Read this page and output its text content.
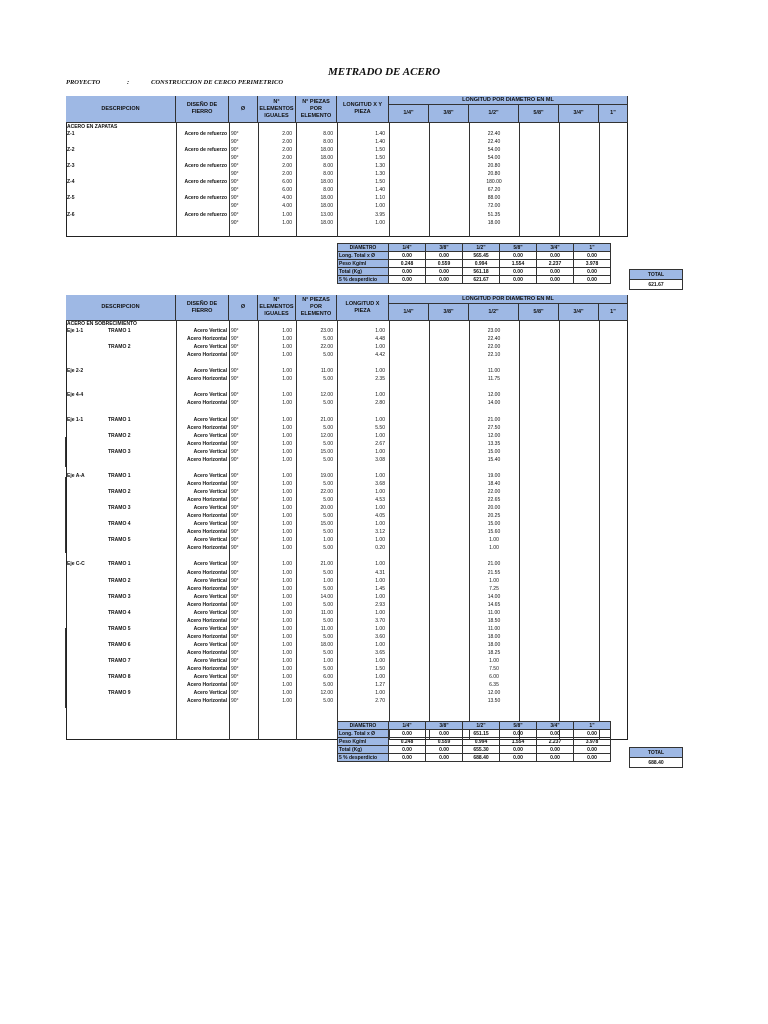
METRADO DE ACERO
PROYECTO	:	CONSTRUCCION DE CERCO PERIMETRICO
DESCRIPCION
DISEÑO DE
FIERRO
Ø
N°
ELEMENTOS
IGUALES
N° PIEZAS
POR
ELEMENTO
LONGITUD X Y
PIEZA
LONGITUD POR DIAMETRO EN ML
1/4"	3/8"	1/2"	5/8"	3/4"	1"
ACERO EN ZAPATAS
Z-1	Acero de refuerzo 90°	2.00	8.00	1.40	22.40
90°	2.00	8.00	1.40	22.40
Z-2	Acero de refuerzo 90°	2.00	18.00	1.50	54.00
90°	2.00	18.00	1.50	54.00
Z-3	Acero de refuerzo 90°	2.00	8.00	1.30	20.80
90°	2.00	8.00	1.30	20.80
Z-4	Acero de refuerzo 90°	6.00	18.00	1.50	180.00
90°	6.00	8.00	1.40	67.20
Z-5	Acero de refuerzo 90°	4.00	18.00	1.10	88.00
90°	4.00	18.00	1.00	72.00
Z-6	Acero de refuerzo 90°	1.00	13.00	3.95	51.35
90°	1.00	18.00	1.00	18.00
DESCRIPCION
DISEÑO DE
FIERRO
Ø
N°
ELEMENTOS
IGUALES
N° PIEZAS
POR
ELEMENTO
LONGITUD X
PIEZA
LONGITUD POR DIAMETRO EN ML
1/4"	3/8"	1/2"	5/8"	3/4"	1"
ACERO EN SOBRECIMIENTO
Eje 1-1	TRAMO 1	Acero Vertical 90°	1.00	23.00	1.00	23.00
Acero Horizontal 90°	1.00	5.00	4.48	22.40
TRAMO 2	Acero Vertical 90°	1.00	22.00	1.00	22.00
Acero Horizontal 90°	1.00	5.00	4.42	22.10
Eje 2-2	Acero Vertical 90°	1.00	11.00	1.00	11.00
Acero Horizontal 90°	1.00	5.00	2.35	11.75
Eje 4-4	Acero Vertical 90°	1.00	12.00	1.00	12.00
Acero Horizontal 90°	1.00	5.00	2.80	14.00
Eje 1-1	TRAMO 1	Acero Vertical 90°	1.00	21.00	1.00	21.00
Acero Horizontal 90°	1.00	5.00	5.50	27.50
TRAMO 2	Acero Vertical 90°	1.00	12.00	1.00	12.00
Acero Horizontal 90°	1.00	5.00	2.67	13.35
TRAMO 3	Acero Vertical 90°	1.00	15.00	1.00	15.00
Acero Horizontal 90°	1.00	5.00	3.08	15.40
Eje A-A	TRAMO 1	Acero Vertical 90°	1.00	19.00	1.00	19.00
Acero Horizontal 90°	1.00	5.00	3.68	18.40
TRAMO 2	Acero Vertical 90°	1.00	22.00	1.00	22.00
Acero Horizontal 90°	1.00	5.00	4.53	22.65
TRAMO 3	Acero Vertical 90°	1.00	20.00	1.00	20.00
Acero Horizontal 90°	1.00	5.00	4.05	20.25
TRAMO 4	Acero Vertical 90°	1.00	15.00	1.00	15.00
Acero Horizontal 90°	1.00	5.00	3.12	15.60
TRAMO 5	Acero Vertical 90°	1.00	1.00	1.00	1.00
Acero Horizontal 90°	1.00	5.00	0.20	1.00
Eje C-C	TRAMO 1	Acero Vertical 90°	1.00	21.00	1.00	21.00
Acero Horizontal 90°	1.00	5.00	4.31	21.55
TRAMO 2	Acero Vertical 90°	1.00	1.00	1.00	1.00
Acero Horizontal 90°	1.00	5.00	1.45	7.25
TRAMO 3	Acero Vertical 90°	1.00	14.00	1.00	14.00
Acero Horizontal 90°	1.00	5.00	2.93	14.65
TRAMO 4	Acero Vertical 90°	1.00	11.00	1.00	11.00
Acero Horizontal 90°	1.00	5.00	3.70	18.50
TRAMO 5	Acero Vertical 90°	1.00	11.00	1.00	11.00
Acero Horizontal 90°	1.00	5.00	3.60	18.00
TRAMO 6	Acero Vertical 90°	1.00	18.00	1.00	18.00
Acero Horizontal 90°	1.00	5.00	3.65	18.25
TRAMO 7	Acero Vertical 90°	1.00	1.00	1.00	1.00
Acero Horizontal 90°	1.00	5.00	1.50	7.50
TRAMO 8	Acero Vertical 90°	1.00	6.00	1.00	6.00
Acero Horizontal 90°	1.00	5.00	1.27	6.35
TRAMO 9	Acero Vertical 90°	1.00	12.00	1.00	12.00
Acero Horizontal 90°	1.00	5.00	2.70	13.50
DIAMETRO	1/4"	3/8"	1/2"	5/8"	3/4"	1"
Long. Total x Ø	0.00	0.00	565.45	0.00	0.00	0.00
Peso Kg/ml	0.248	0.559	0.994	1.554	2.237	3.978
Total (Kg)	0.00	0.00	561.18	0.00	0.00	0.00
5 % desperdicio	0.00	0.00	621.67	0.00	0.00	0.00
TOTAL
621.67
DIAMETRO	1/4"	3/8"	1/2"	5/8"	3/4"	1"
Long. Total x Ø	0.00	0.00	651.15	0.00	0.00	0.00
Peso Kg/ml	0.248	0.559	0.994	1.554	2.237	3.978
Total (Kg)	0.00	0.00	655.30	0.00	0.00	0.00
5 % desperdicio	0.00	0.00	688.40	0.00	0.00	0.00
TOTAL
688.40
